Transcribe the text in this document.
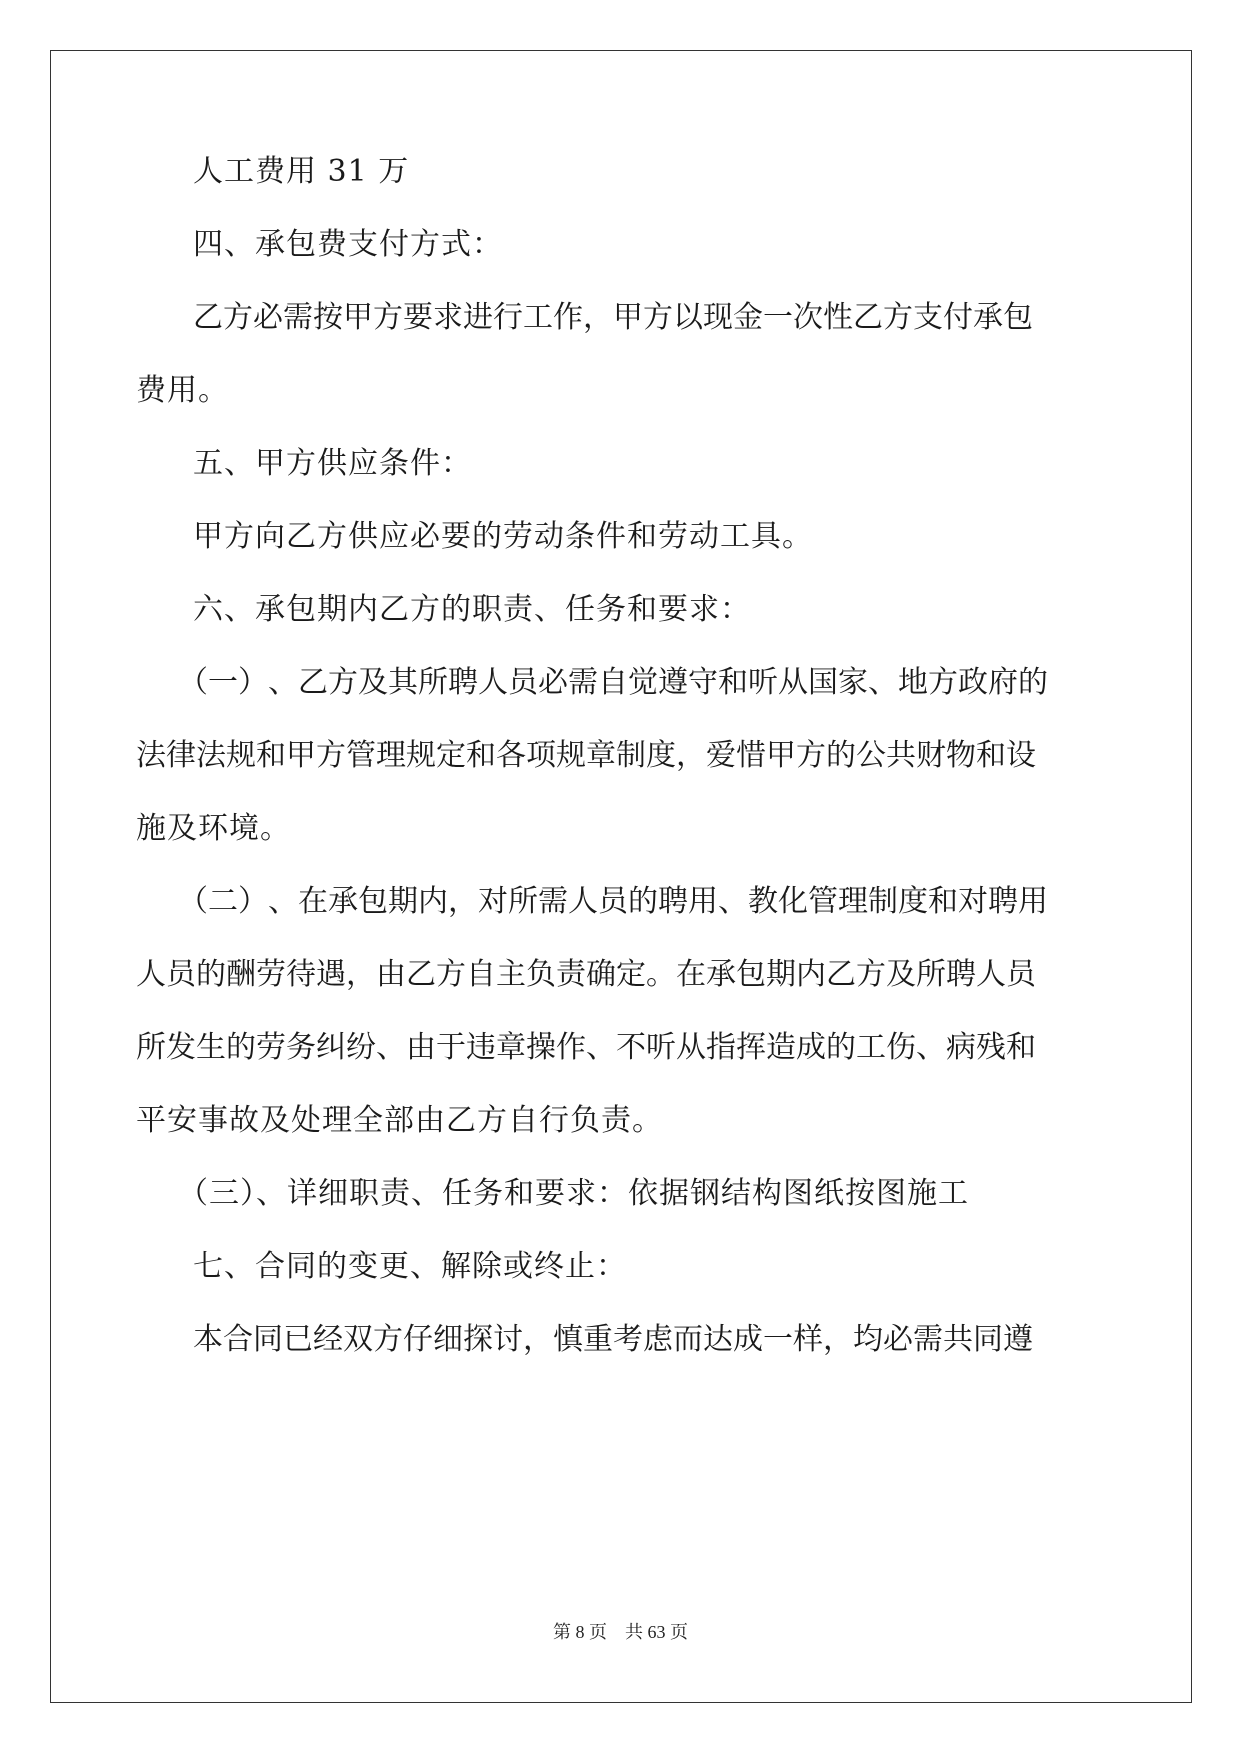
人工费用 31 万
四、承包费支付方式：
乙 方 必 需 按 甲 方 要 求 进 行 工 作 ， 甲 方 以 现 金 一 次 性 乙 方 支 付 承 包
费用。
五、甲方供应条件：
甲方向乙方供应必要的劳动条件和劳动工具。
六、承包期内乙方的职责、任务和要求：
（ 一 ） 、 乙 方 及 其 所 聘 人 员 必 需 自 觉 遵 守 和 听 从 国 家 、 地 方 政 府 的
法 律 法 规 和 甲 方 管 理 规 定 和 各 项 规 章 制 度 ， 爱 惜 甲 方 的 公 共 财 物 和 设
施及环境。
（ 二 ） 、 在 承 包 期 内 ， 对 所 需 人 员 的 聘 用 、 教 化 管 理 制 度 和 对 聘 用
人 员 的 酬 劳 待 遇 ， 由 乙 方 自 主 负 责 确 定 。 在 承 包 期 内 乙 方 及 所 聘 人 员
所 发 生 的 劳 务 纠 纷 、 由 于 违 章 操 作 、 不 听 从 指 挥 造 成 的 工 伤 、 病 残 和
平安事故及处理全部由乙方自行负责。
（三）、详细职责、任务和要求：依据钢结构图纸按图施工
七、合同的变更、解除或终止：
本 合 同 已 经 双 方 仔 细 探 讨 ， 慎 重 考 虑 而 达 成 一 样 ， 均 必 需 共 同 遵
第 8 页 共 63 页
